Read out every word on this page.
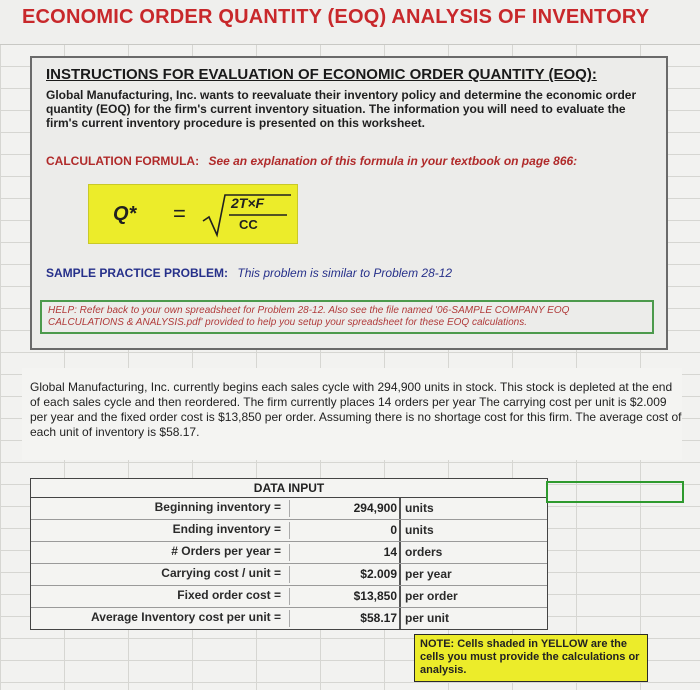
ECONOMIC ORDER QUANTITY (EOQ) ANALYSIS OF INVENTORY
INSTRUCTIONS FOR EVALUATION OF ECONOMIC ORDER QUANTITY (EOQ):
Global Manufacturing, Inc. wants to reevaluate their inventory policy and determine the economic order quantity (EOQ) for the firm's current inventory situation. The information you will need to evaluate the firm's current inventory procedure is presented on this worksheet.
CALCULATION FORMULA: See an explanation of this formula in your textbook on page 866:
Q* =	2T×F
CC
SAMPLE PRACTICE PROBLEM: This problem is similar to Problem 28-12
HELP: Refer back to your own spreadsheet for Problem 28-12. Also see the file named '06-SAMPLE COMPANY EOQ CALCULATIONS & ANALYSIS.pdf' provided to help you setup your spreadsheet for these EOQ calculations.
Global Manufacturing, Inc. currently begins each sales cycle with 294,900 units in stock. This stock is depleted at the end of each sales cycle and then reordered. The firm currently places 14 orders per year The carrying cost per unit is $2.009 per year and the fixed order cost is $13,850 per order. Assuming there is no shortage cost for this firm. The average cost of each unit of inventory is $58.17.
DATA INPUT
Beginning inventory =	294,900 units
Ending inventory =	0 units
# Orders per year =	14 orders
Carrying cost / unit =	$2.009 per year
Fixed order cost =	$13,850 per order
Average Inventory cost per unit =	$58.17 per unit
NOTE: Cells shaded in YELLOW are the cells you must provide the calculations or analysis.
